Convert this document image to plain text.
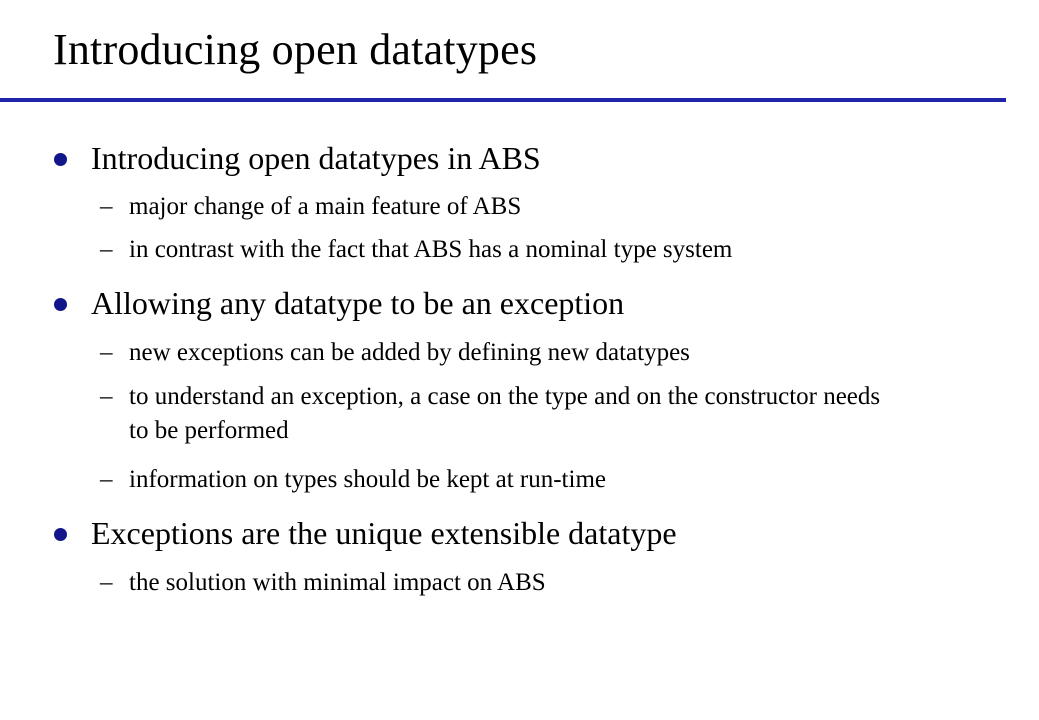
Introducing open datatypes
Introducing open datatypes in ABS
– major change of a main feature of ABS
– in contrast with the fact that ABS has a nominal type system
Allowing any datatype to be an exception
– new exceptions can be added by defining new datatypes
– to understand an exception, a case on the type and on the constructor needs to be performed
– information on types should be kept at run-time
Exceptions are the unique extensible datatype
– the solution with minimal impact on ABS
